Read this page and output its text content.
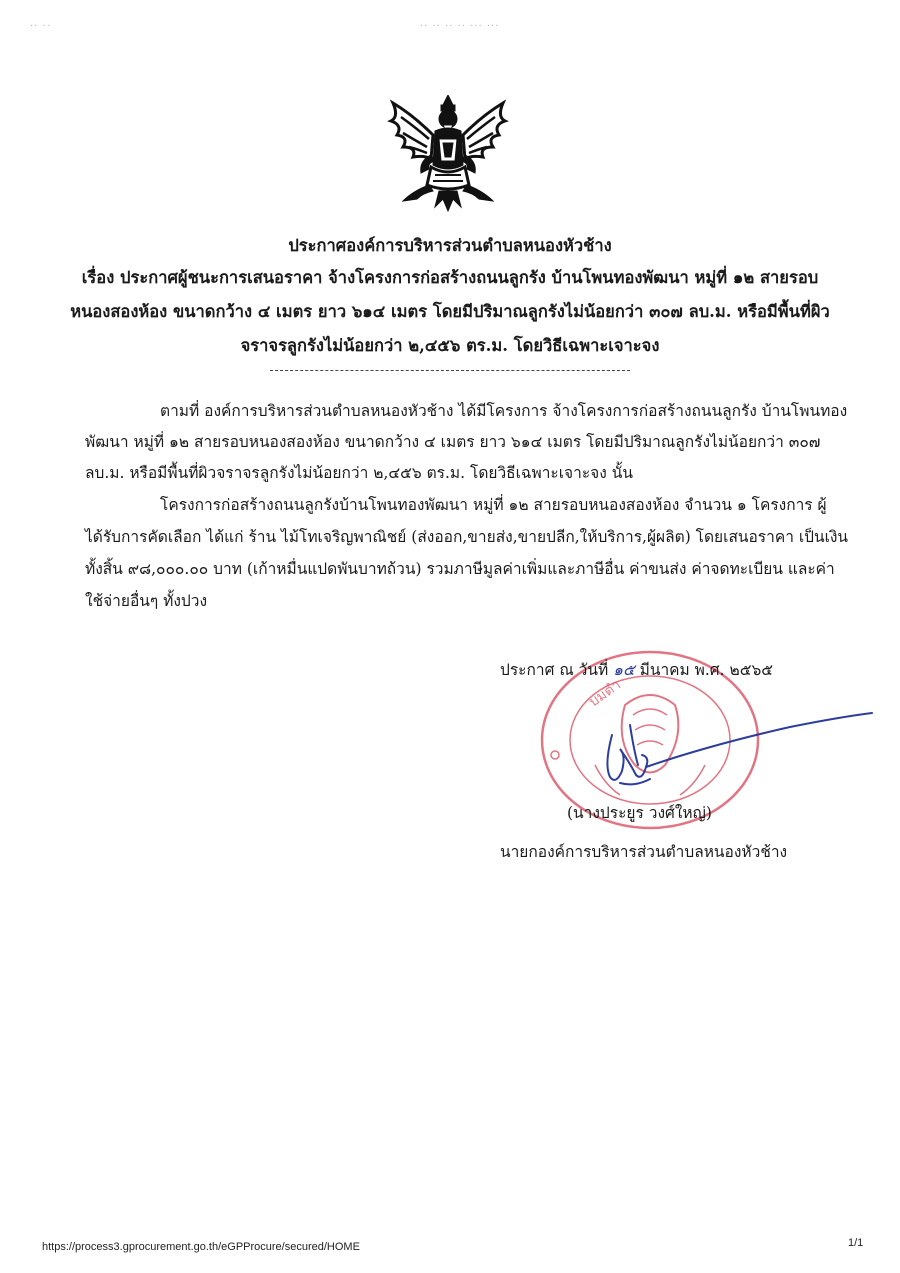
.. ..	.. .. .. .. ... ...
ประกาศองค์การบริหารส่วนตำบลหนองหัวช้าง
เรื่อง ประกาศผู้ชนะการเสนอราคา จ้างโครงการก่อสร้างถนนลูกรัง บ้านโพนทองพัฒนา หมู่ที่ ๑๒ สายรอบ
หนองสองห้อง ขนาดกว้าง ๔ เมตร ยาว ๖๑๔ เมตร โดยมีปริมาณลูกรังไม่น้อยกว่า ๓๐๗ ลบ.ม. หรือมีพื้นที่ผิว
จราจรลูกรังไม่น้อยกว่า ๒,๔๕๖ ตร.ม. โดยวิธีเฉพาะเจาะจง
ตามที่ องค์การบริหารส่วนตำบลหนองหัวช้าง ได้มีโครงการ จ้างโครงการก่อสร้างถนนลูกรัง บ้านโพนทอง
พัฒนา หมู่ที่ ๑๒ สายรอบหนองสองห้อง ขนาดกว้าง ๔ เมตร ยาว ๖๑๔ เมตร โดยมีปริมาณลูกรังไม่น้อยกว่า ๓๐๗
ลบ.ม. หรือมีพื้นที่ผิวจราจรลูกรังไม่น้อยกว่า ๒,๔๕๖ ตร.ม. โดยวิธีเฉพาะเจาะจง นั้น
โครงการก่อสร้างถนนลูกรังบ้านโพนทองพัฒนา หมู่ที่ ๑๒ สายรอบหนองสองห้อง จำนวน ๑ โครงการ ผู้
ได้รับการคัดเลือก ได้แก่ ร้าน ไม้โทเจริญพาณิชย์ (ส่งออก,ขายส่ง,ขายปลีก,ให้บริการ,ผู้ผลิต) โดยเสนอราคา เป็นเงิน
ทั้งสิ้น ๙๘,๐๐๐.๐๐ บาท (เก้าหมื่นแปดพันบาทถ้วน) รวมภาษีมูลค่าเพิ่มและภาษีอื่น ค่าขนส่ง ค่าจดทะเบียน และค่า
ใช้จ่ายอื่นๆ ทั้งปวง
บมตำ
ประกาศ ณ วันที่ ๑๕ มีนาคม พ.ศ. ๒๕๖๕
(นางประยูร วงศ์ใหญ่)
นายกองค์การบริหารส่วนตำบลหนองหัวช้าง
https://process3.gprocurement.go.th/eGPProcure/secured/HOME	1/1
